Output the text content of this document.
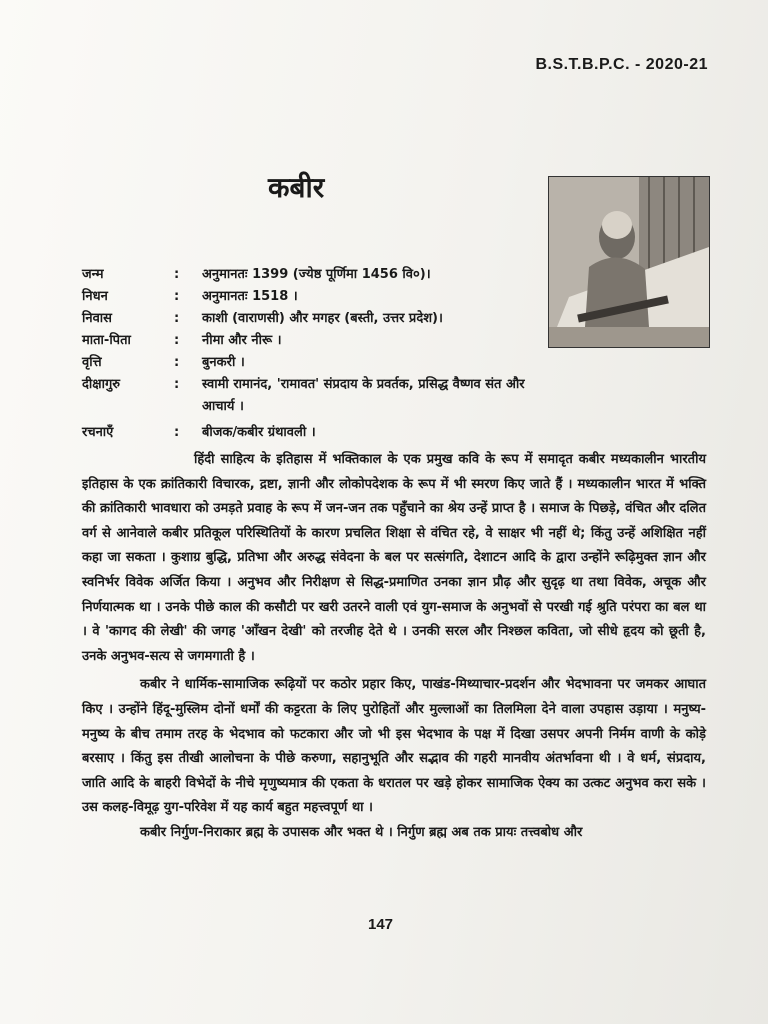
B.S.T.B.P.C. - 2020-21
कबीर
जन्म	:	अनुमानतः 1399 (ज्येष्ठ पूर्णिमा 1456 वि०)।
निधन	:	अनुमानतः 1518 ।
निवास	:	काशी (वाराणसी) और मगहर (बस्ती, उत्तर प्रदेश)।
माता-पिता	:	नीमा और नीरू ।
वृत्ति	:	बुनकरी ।
दीक्षागुरु	:	स्वामी रामानंद, 'रामावत' संप्रदाय के प्रवर्तक, प्रसिद्ध वैष्णव संत और आचार्य ।
रचनाएँ	:	बीजक/कबीर ग्रंथावली ।

हिंदी साहित्य के इतिहास में भक्तिकाल के एक प्रमुख कवि के रूप में समादृत कबीर मध्यकालीन भारतीय इतिहास के एक क्रांतिकारी विचारक, द्रष्टा, ज्ञानी और लोकोपदेशक के रूप में भी स्मरण किए जाते हैं । मध्यकालीन भारत में भक्ति की क्रांतिकारी भावधारा को उमड़ते प्रवाह के रूप में जन-जन तक पहुँचाने का श्रेय उन्हें प्राप्त है । समाज के पिछड़े, वंचित और दलित वर्ग से आनेवाले कबीर प्रतिकूल परिस्थितियों के कारण प्रचलित शिक्षा से वंचित रहे, वे साक्षर भी नहीं थे; किंतु उन्हें अशिक्षित नहीं कहा जा सकता । कुशाग्र बुद्धि, प्रतिभा और अरुद्ध संवेदना के बल पर सत्संगति, देशाटन आदि के द्वारा उन्होंने रूढ़िमुक्त ज्ञान और स्वनिर्भर विवेक अर्जित किया । अनुभव और निरीक्षण से सिद्ध-प्रमाणित उनका ज्ञान प्रौढ़ और सुदृढ़ था तथा विवेक, अचूक और निर्णयात्मक था । उनके पीछे काल की कसौटी पर खरी उतरने वाली एवं युग-समाज के अनुभवों से परखी गई श्रुति परंपरा का बल था । वे 'कागद की लेखी' की जगह 'आँखन देखी' को तरजीह देते थे । उनकी सरल और निश्छल कविता, जो सीधे हृदय को छूती है, उनके अनुभव-सत्य से जगमगाती है ।

कबीर ने धार्मिक-सामाजिक रूढ़ियों पर कठोर प्रहार किए, पाखंड-मिथ्याचार-प्रदर्शन और भेदभावना पर जमकर आघात किए । उन्होंने हिंदू-मुस्लिम दोनों धर्मों की कट्टरता के लिए पुरोहितों और मुल्लाओं का तिलमिला देने वाला उपहास उड़ाया । मनुष्य-मनुष्य के बीच तमाम तरह के भेदभाव को फटकारा और जो भी इस भेदभाव के पक्ष में दिखा उसपर अपनी निर्मम वाणी के कोड़े बरसाए । किंतु इस तीखी आलोचना के पीछे करुणा, सहानुभूति और सद्भाव की गहरी मानवीय अंतर्भावना थी । वे धर्म, संप्रदाय, जाति आदि के बाहरी विभेदों के नीचे मृणुष्यमात्र की एकता के धरातल पर खड़े होकर सामाजिक ऐक्य का उत्कट अनुभव करा सके । उस कलह-विमूढ़ युग-परिवेश में यह कार्य बहुत महत्त्वपूर्ण था ।

कबीर निर्गुण-निराकार ब्रह्म के उपासक और भक्त थे । निर्गुण ब्रह्म अब तक प्रायः तत्त्वबोध और

147
